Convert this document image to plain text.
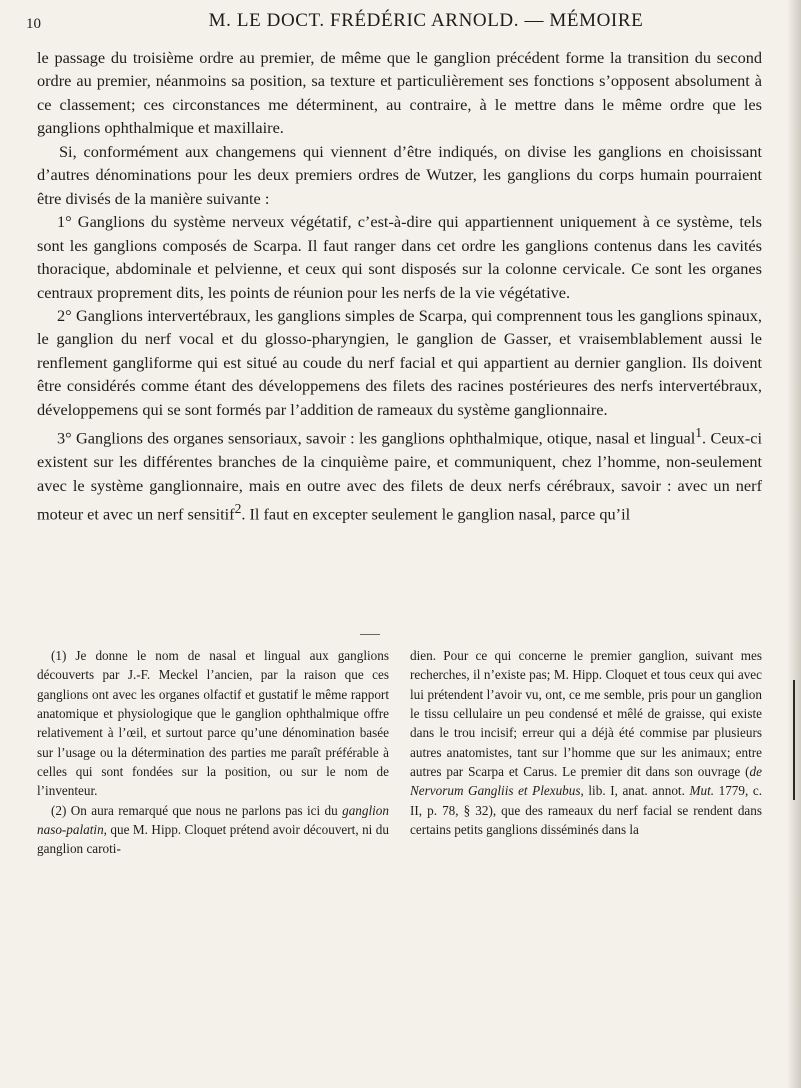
10	M. LE DOCT. FRÉDÉRIC ARNOLD. — MÉMOIRE

le passage du troisième ordre au premier, de même que le ganglion précédent forme la transition du second ordre au premier, néanmoins sa position, sa texture et particulièrement ses fonctions s’opposent absolument à ce classement; ces circonstances me déterminent, au contraire, à le mettre dans le même ordre que les ganglions ophthalmique et maxillaire.

Si, conformément aux changemens qui viennent d’être indiqués, on divise les ganglions en choisissant d’autres dénominations pour les deux premiers ordres de Wutzer, les ganglions du corps humain pourraient être divisés de la manière suivante :

1° Ganglions du système nerveux végétatif, c’est-à-dire qui appartiennent uniquement à ce système, tels sont les ganglions composés de Scarpa. Il faut ranger dans cet ordre les ganglions contenus dans les cavités thoracique, abdominale et pelvienne, et ceux qui sont disposés sur la colonne cervicale. Ce sont les organes centraux proprement dits, les points de réunion pour les nerfs de la vie végétative.

2° Ganglions intervertébraux, les ganglions simples de Scarpa, qui comprennent tous les ganglions spinaux, le ganglion du nerf vocal et du glosso-pharyngien, le ganglion de Gasser, et vraisemblablement aussi le renflement gangliforme qui est situé au coude du nerf facial et qui appartient au dernier ganglion. Ils doivent être considérés comme étant des développemens des filets des racines postérieures des nerfs intervertébraux, développemens qui se sont formés par l’addition de rameaux du système ganglionnaire.

3° Ganglions des organes sensoriaux, savoir : les ganglions ophthalmique, otique, nasal et lingual$^1$. Ceux-ci existent sur les différentes branches de la cinquième paire, et communiquent, chez l’homme, non-seulement avec le système ganglionnaire, mais en outre avec des filets de deux nerfs cérébraux, savoir : avec un nerf moteur et avec un nerf sensitif$^2$. Il faut en excepter seulement le ganglion nasal, parce qu’il

(1) Je donne le nom de nasal et lingual aux ganglions découverts par J.-F. Meckel l’ancien, par la raison que ces ganglions ont avec les organes olfactif et gustatif le même rapport anatomique et physiologique que le ganglion ophthalmique offre relativement à l’œil, et surtout parce qu’une dénomination basée sur l’usage ou la détermination des parties me paraît préférable à celles qui sont fondées sur la position, ou sur le nom de l’inventeur.

(2) On aura remarqué que nous ne parlons pas ici du ganglion naso-palatin, que M. Hipp. Cloquet prétend avoir découvert, ni du ganglion caroti-

dien. Pour ce qui concerne le premier ganglion, suivant mes recherches, il n’existe pas; M. Hipp. Cloquet et tous ceux qui avec lui prétendent l’avoir vu, ont, ce me semble, pris pour un ganglion le tissu cellulaire un peu condensé et mêlé de graisse, qui existe dans le trou incisif; erreur qui a déjà été commise par plusieurs autres anatomistes, tant sur l’homme que sur les animaux; entre autres par Scarpa et Carus. Le premier dit dans son ouvrage (de Nervorum Gangliis et Plexubus, lib. I, anat. annot. Mut. 1779, c. II, p. 78, § 32), que des rameaux du nerf facial se rendent dans certains petits ganglions disséminés dans la
